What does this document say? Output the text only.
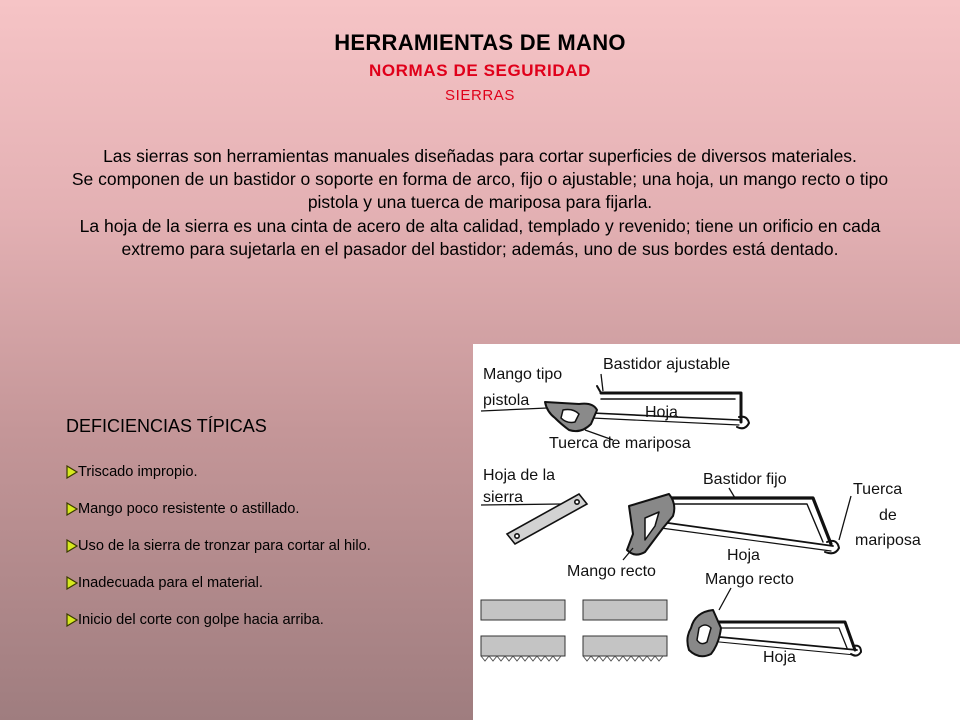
HERRAMIENTAS DE MANO
NORMAS DE SEGURIDAD
SIERRAS

Las sierras son herramientas manuales diseñadas para cortar superficies de diversos materiales.

Se componen de un bastidor o soporte en forma de arco, fijo o ajustable; una hoja, un mango recto o tipo pistola y una tuerca de mariposa para fijarla.

La hoja de la sierra es una cinta de acero de alta calidad, templado y revenido; tiene un orificio en cada extremo para sujetarla en el pasador del bastidor; además, uno de sus bordes está dentado.

DEFICIENCIAS TÍPICAS
Triscado impropio.
Mango poco resistente o astillado.
Uso de la sierra de tronzar para cortar al hilo.
Inadecuada para el material.
Inicio del corte con golpe hacia arriba.
Mango tipo
pistola
Bastidor ajustable
Hoja
Tuerca de mariposa
Hoja de la
sierra
Bastidor fijo
Tuerca
de
mariposa
Mango recto
Hoja
Mango recto
Hoja
